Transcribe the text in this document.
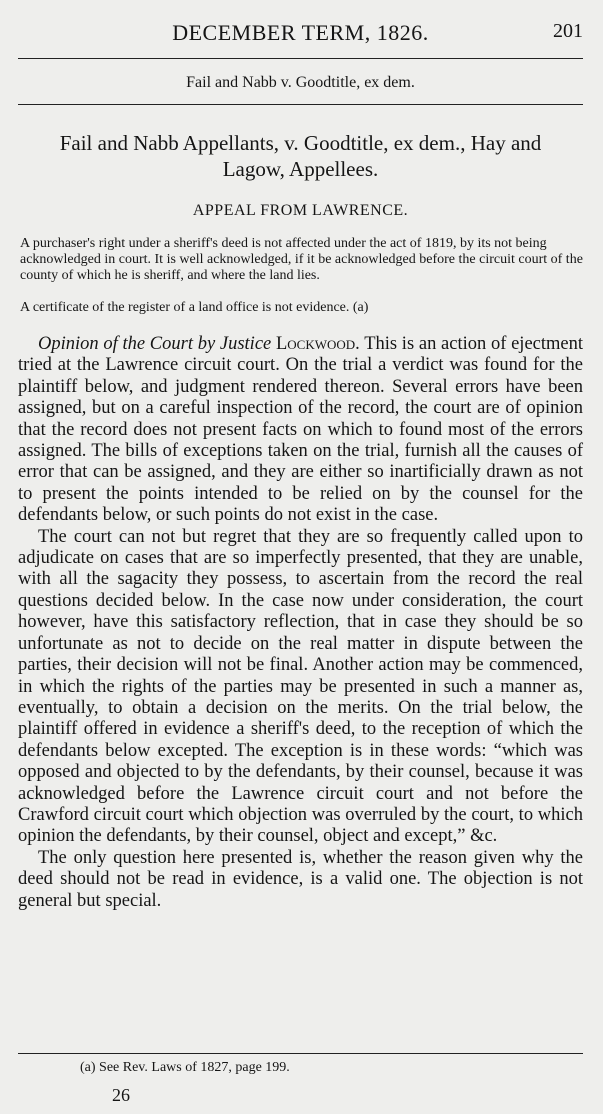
DECEMBER TERM, 1826.	201
Fail and Nabb v. Goodtitle, ex dem.
Fail and Nabb Appellants, v. Goodtitle, ex dem., Hay and
Lagow, Appellees.
APPEAL FROM LAWRENCE.
A purchaser's right under a sheriff's deed is not affected under the act of 1819, by its not being acknowledged in court. It is well acknowledged, if it be acknowledged before the circuit court of the county of which he is sheriff, and where the land lies.
A certificate of the register of a land office is not evidence. (a)

Opinion of the Court by Justice Lockwood. This is an action of ejectment tried at the Lawrence circuit court. On the trial a verdict was found for the plaintiff below, and judgment rendered thereon. Several errors have been assigned, but on a careful inspection of the record, the court are of opinion that the record does not present facts on which to found most of the errors assigned. The bills of exceptions taken on the trial, furnish all the causes of error that can be assigned, and they are either so inartificially drawn as not to present the points intended to be relied on by the counsel for the defendants below, or such points do not exist in the case.

The court can not but regret that they are so frequently called upon to adjudicate on cases that are so imperfectly presented, that they are unable, with all the sagacity they possess, to ascertain from the record the real questions decided below. In the case now under consideration, the court however, have this satisfactory reflection, that in case they should be so unfortunate as not to decide on the real matter in dispute between the parties, their decision will not be final. Another action may be commenced, in which the rights of the parties may be presented in such a manner as, eventually, to obtain a decision on the merits. On the trial below, the plaintiff offered in evidence a sheriff's deed, to the reception of which the defendants below excepted. The exception is in these words: “which was opposed and objected to by the defendants, by their counsel, because it was acknowledged before the Lawrence circuit court and not before the Crawford circuit court which objection was overruled by the court, to which opinion the defendants, by their counsel, object and except,” &c.

The only question here presented is, whether the reason given why the deed should not be read in evidence, is a valid one. The objection is not general but special.

(a) See Rev. Laws of 1827, page 199.
26
